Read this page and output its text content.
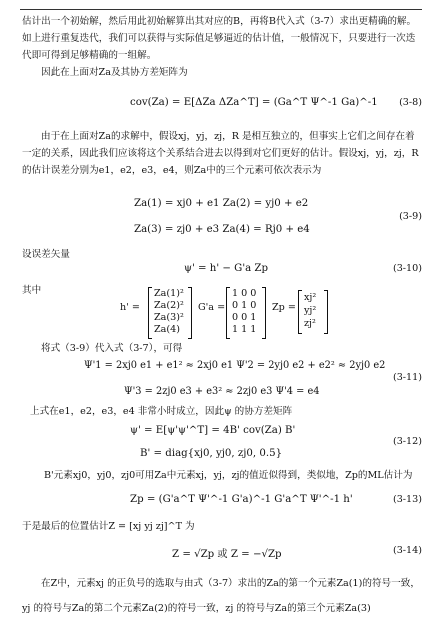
估计出一个初始解，然后用此初始解算出其对应的B，再将B代入式（3-7）求出更精确的解。如上进行重复迭代，我们可以获得与实际值足够逼近的估计值，一般情况下，只要进行一次迭代即可得到足够精确的一组解。
因此在上面对Za及其协方差矩阵为
cov(Za) = E[ΔZa ΔZa^T] = (Ga^T Ψ^-1 Ga)^-1 (3-8)
由于在上面对Za的求解中，假设xj，yj，zj，R 是相互独立的，但事实上它们之间存在着一定的关系，因此我们应该将这个关系结合进去以得到对它们更好的估计。假设xj，yj，zj，R 的估计误差分别为e1，e2，e3，e4，则Za中的三个元素可依次表示为
Za(1) = xj0 + e1 Za(2) = yj0 + e2
(3-9)
Za(3) = zj0 + e3 Za(4) = Rj0 + e4
设误差矢量
ψ' = h' − G'a Zp	(3-10)
其中
h' =
Za(1)²
Za(2)²
Za(3)²
Za(4)
G'a =
1 0 0
0 1 0
0 0 1
1 1 1
Zp =
xj²
yj²
zj²
将式（3-9）代入式（3-7），可得
Ψ'1 = 2xj0 e1 + e1² ≈ 2xj0 e1 Ψ'2 = 2yj0 e2 + e2² ≈ 2yj0 e2
(3-11)
Ψ'3 = 2zj0 e3 + e3² ≈ 2zj0 e3 Ψ'4 = e4
上式在e1，e2，e3，e4 非常小时成立，因此ψ 的协方差矩阵
ψ' = E[ψ'ψ'^T] = 4B' cov(Za) B'
(3-12)
B' = diag{xj0, yj0, zj0, 0.5}
B'元素xj0，yj0，zj0可用Za中元素xj，yj，zj的值近似得到，类似地，Zp的ML估计为
Zp = (G'a^T Ψ'^-1 G'a)^-1 G'a^T Ψ'^-1 h'	(3-13)
于是最后的位置估计Z = [xj yj zj]^T 为
Z = √Zp 或 Z = −√Zp	(3-14)
在Z中，元素xj 的正负号的选取与由式（3-7）求出的Za的第一个元素Za(1)的符号一致，yj 的符号与Za的第二个元素Za(2)的符号一致，zj 的符号与Za的第三个元素Za(3)
